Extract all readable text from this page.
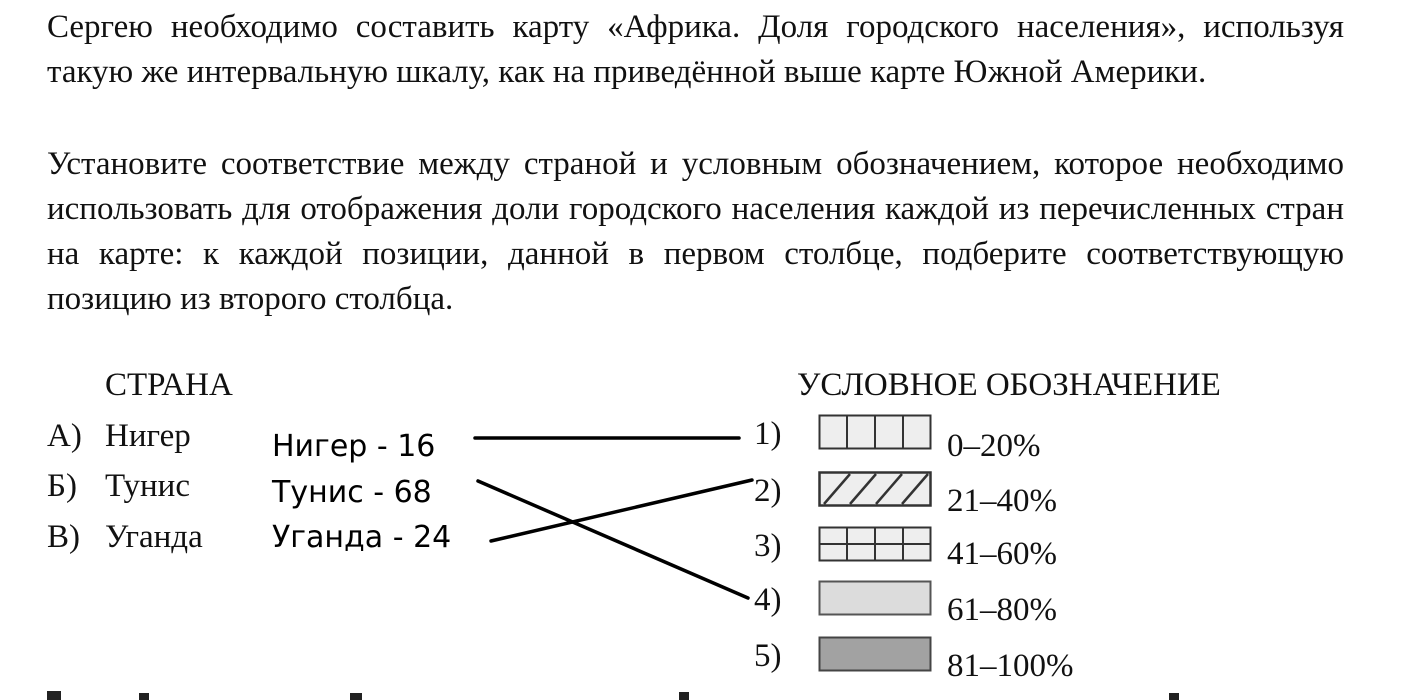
Сергею необходимо составить карту «Африка. Доля городского населения», используя такую же интервальную шкалу, как на приведённой выше карте Южной Америки.

Установите соответствие между страной и условным обозначением, которое необходимо использовать для отображения доли городского населения каждой из перечисленных стран на карте: к каждой позиции, данной в первом столбце, подберите соответствующую позицию из второго столбца.

СТРАНА
А) Нигер
Б) Тунис
В) Уганда
Нигер - 16
Тунис - 68
Уганда - 24
УСЛОВНОЕ ОБОЗНАЧЕНИЕ
1)	0–20%
2)	21–40%
3)	41–60%
4)	61–80%
5)	81–100%
